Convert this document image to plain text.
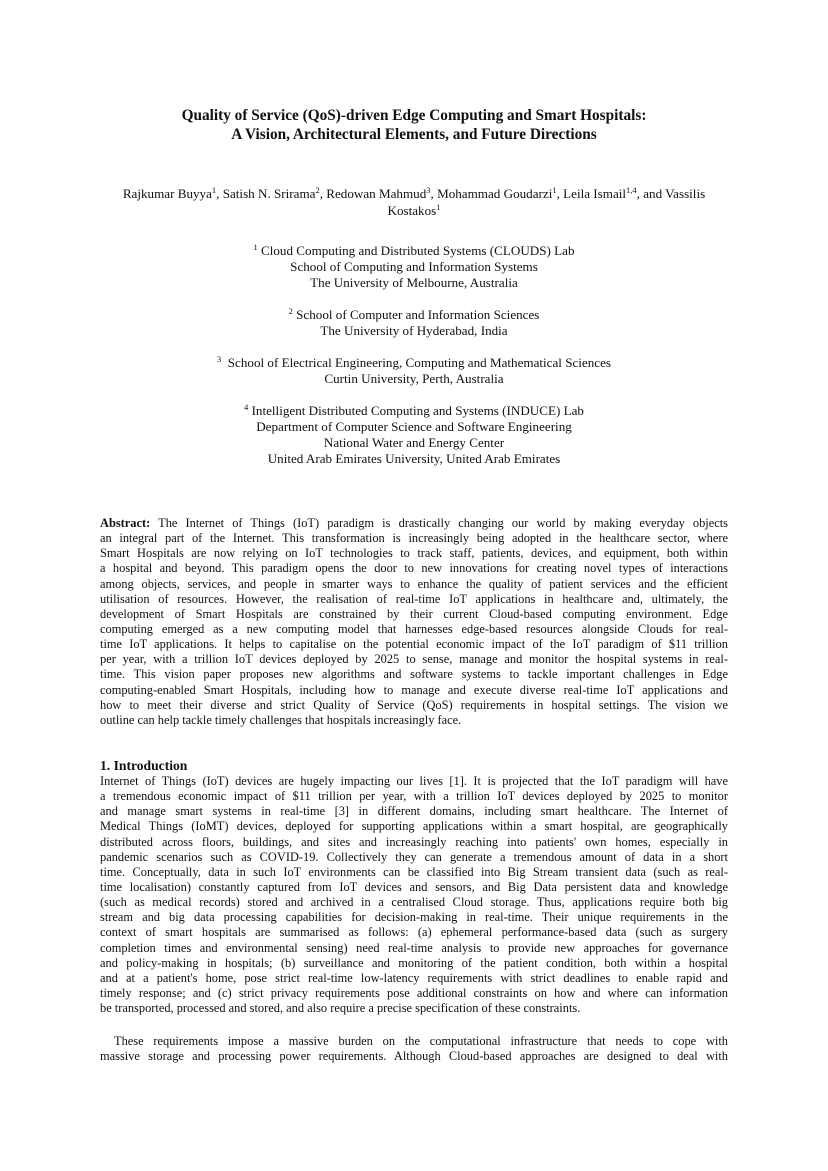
Quality of Service (QoS)-driven Edge Computing and Smart Hospitals:
A Vision, Architectural Elements, and Future Directions
Rajkumar Buyya$^1$, Satish N. Srirama$^2$, Redowan Mahmud$^3$, Mohammad Goudarzi$^1$, Leila Ismail$^{1,4}$, and Vassilis
Kostakos$^1$
$^1$ Cloud Computing and Distributed Systems (CLOUDS) Lab
School of Computing and Information Systems
The University of Melbourne, Australia
$^2$ School of Computer and Information Sciences
The University of Hyderabad, India
$^3$ School of Electrical Engineering, Computing and Mathematical Sciences
Curtin University, Perth, Australia
$^4$ Intelligent Distributed Computing and Systems (INDUCE) Lab
Department of Computer Science and Software Engineering
National Water and Energy Center
United Arab Emirates University, United Arab Emirates
Abstract: The Internet of Things (IoT) paradigm is drastically changing our world by making everyday objects
an integral part of the Internet. This transformation is increasingly being adopted in the healthcare sector, where
Smart Hospitals are now relying on IoT technologies to track staff, patients, devices, and equipment, both within
a hospital and beyond. This paradigm opens the door to new innovations for creating novel types of interactions
among objects, services, and people in smarter ways to enhance the quality of patient services and the efficient
utilisation of resources. However, the realisation of real-time IoT applications in healthcare and, ultimately, the
development of Smart Hospitals are constrained by their current Cloud-based computing environment. Edge
computing emerged as a new computing model that harnesses edge-based resources alongside Clouds for real-
time IoT applications. It helps to capitalise on the potential economic impact of the IoT paradigm of $11 trillion
per year, with a trillion IoT devices deployed by 2025 to sense, manage and monitor the hospital systems in real-
time. This vision paper proposes new algorithms and software systems to tackle important challenges in Edge
computing-enabled Smart Hospitals, including how to manage and execute diverse real-time IoT applications and
how to meet their diverse and strict Quality of Service (QoS) requirements in hospital settings. The vision we
outline can help tackle timely challenges that hospitals increasingly face.
1. Introduction
Internet of Things (IoT) devices are hugely impacting our lives [1]. It is projected that the IoT paradigm will have
a tremendous economic impact of $11 trillion per year, with a trillion IoT devices deployed by 2025 to monitor
and manage smart systems in real-time [3] in different domains, including smart healthcare. The Internet of
Medical Things (IoMT) devices, deployed for supporting applications within a smart hospital, are geographically
distributed across floors, buildings, and sites and increasingly reaching into patients' own homes, especially in
pandemic scenarios such as COVID-19. Collectively they can generate a tremendous amount of data in a short
time. Conceptually, data in such IoT environments can be classified into Big Stream transient data (such as real-
time localisation) constantly captured from IoT devices and sensors, and Big Data persistent data and knowledge
(such as medical records) stored and archived in a centralised Cloud storage. Thus, applications require both big
stream and big data processing capabilities for decision-making in real-time. Their unique requirements in the
context of smart hospitals are summarised as follows: (a) ephemeral performance-based data (such as surgery
completion times and environmental sensing) need real-time analysis to provide new approaches for governance
and policy-making in hospitals; (b) surveillance and monitoring of the patient condition, both within a hospital
and at a patient's home, pose strict real-time low-latency requirements with strict deadlines to enable rapid and
timely response; and (c) strict privacy requirements pose additional constraints on how and where can information
be transported, processed and stored, and also require a precise specification of these constraints.
These requirements impose a massive burden on the computational infrastructure that needs to cope with
massive storage and processing power requirements. Although Cloud-based approaches are designed to deal with
